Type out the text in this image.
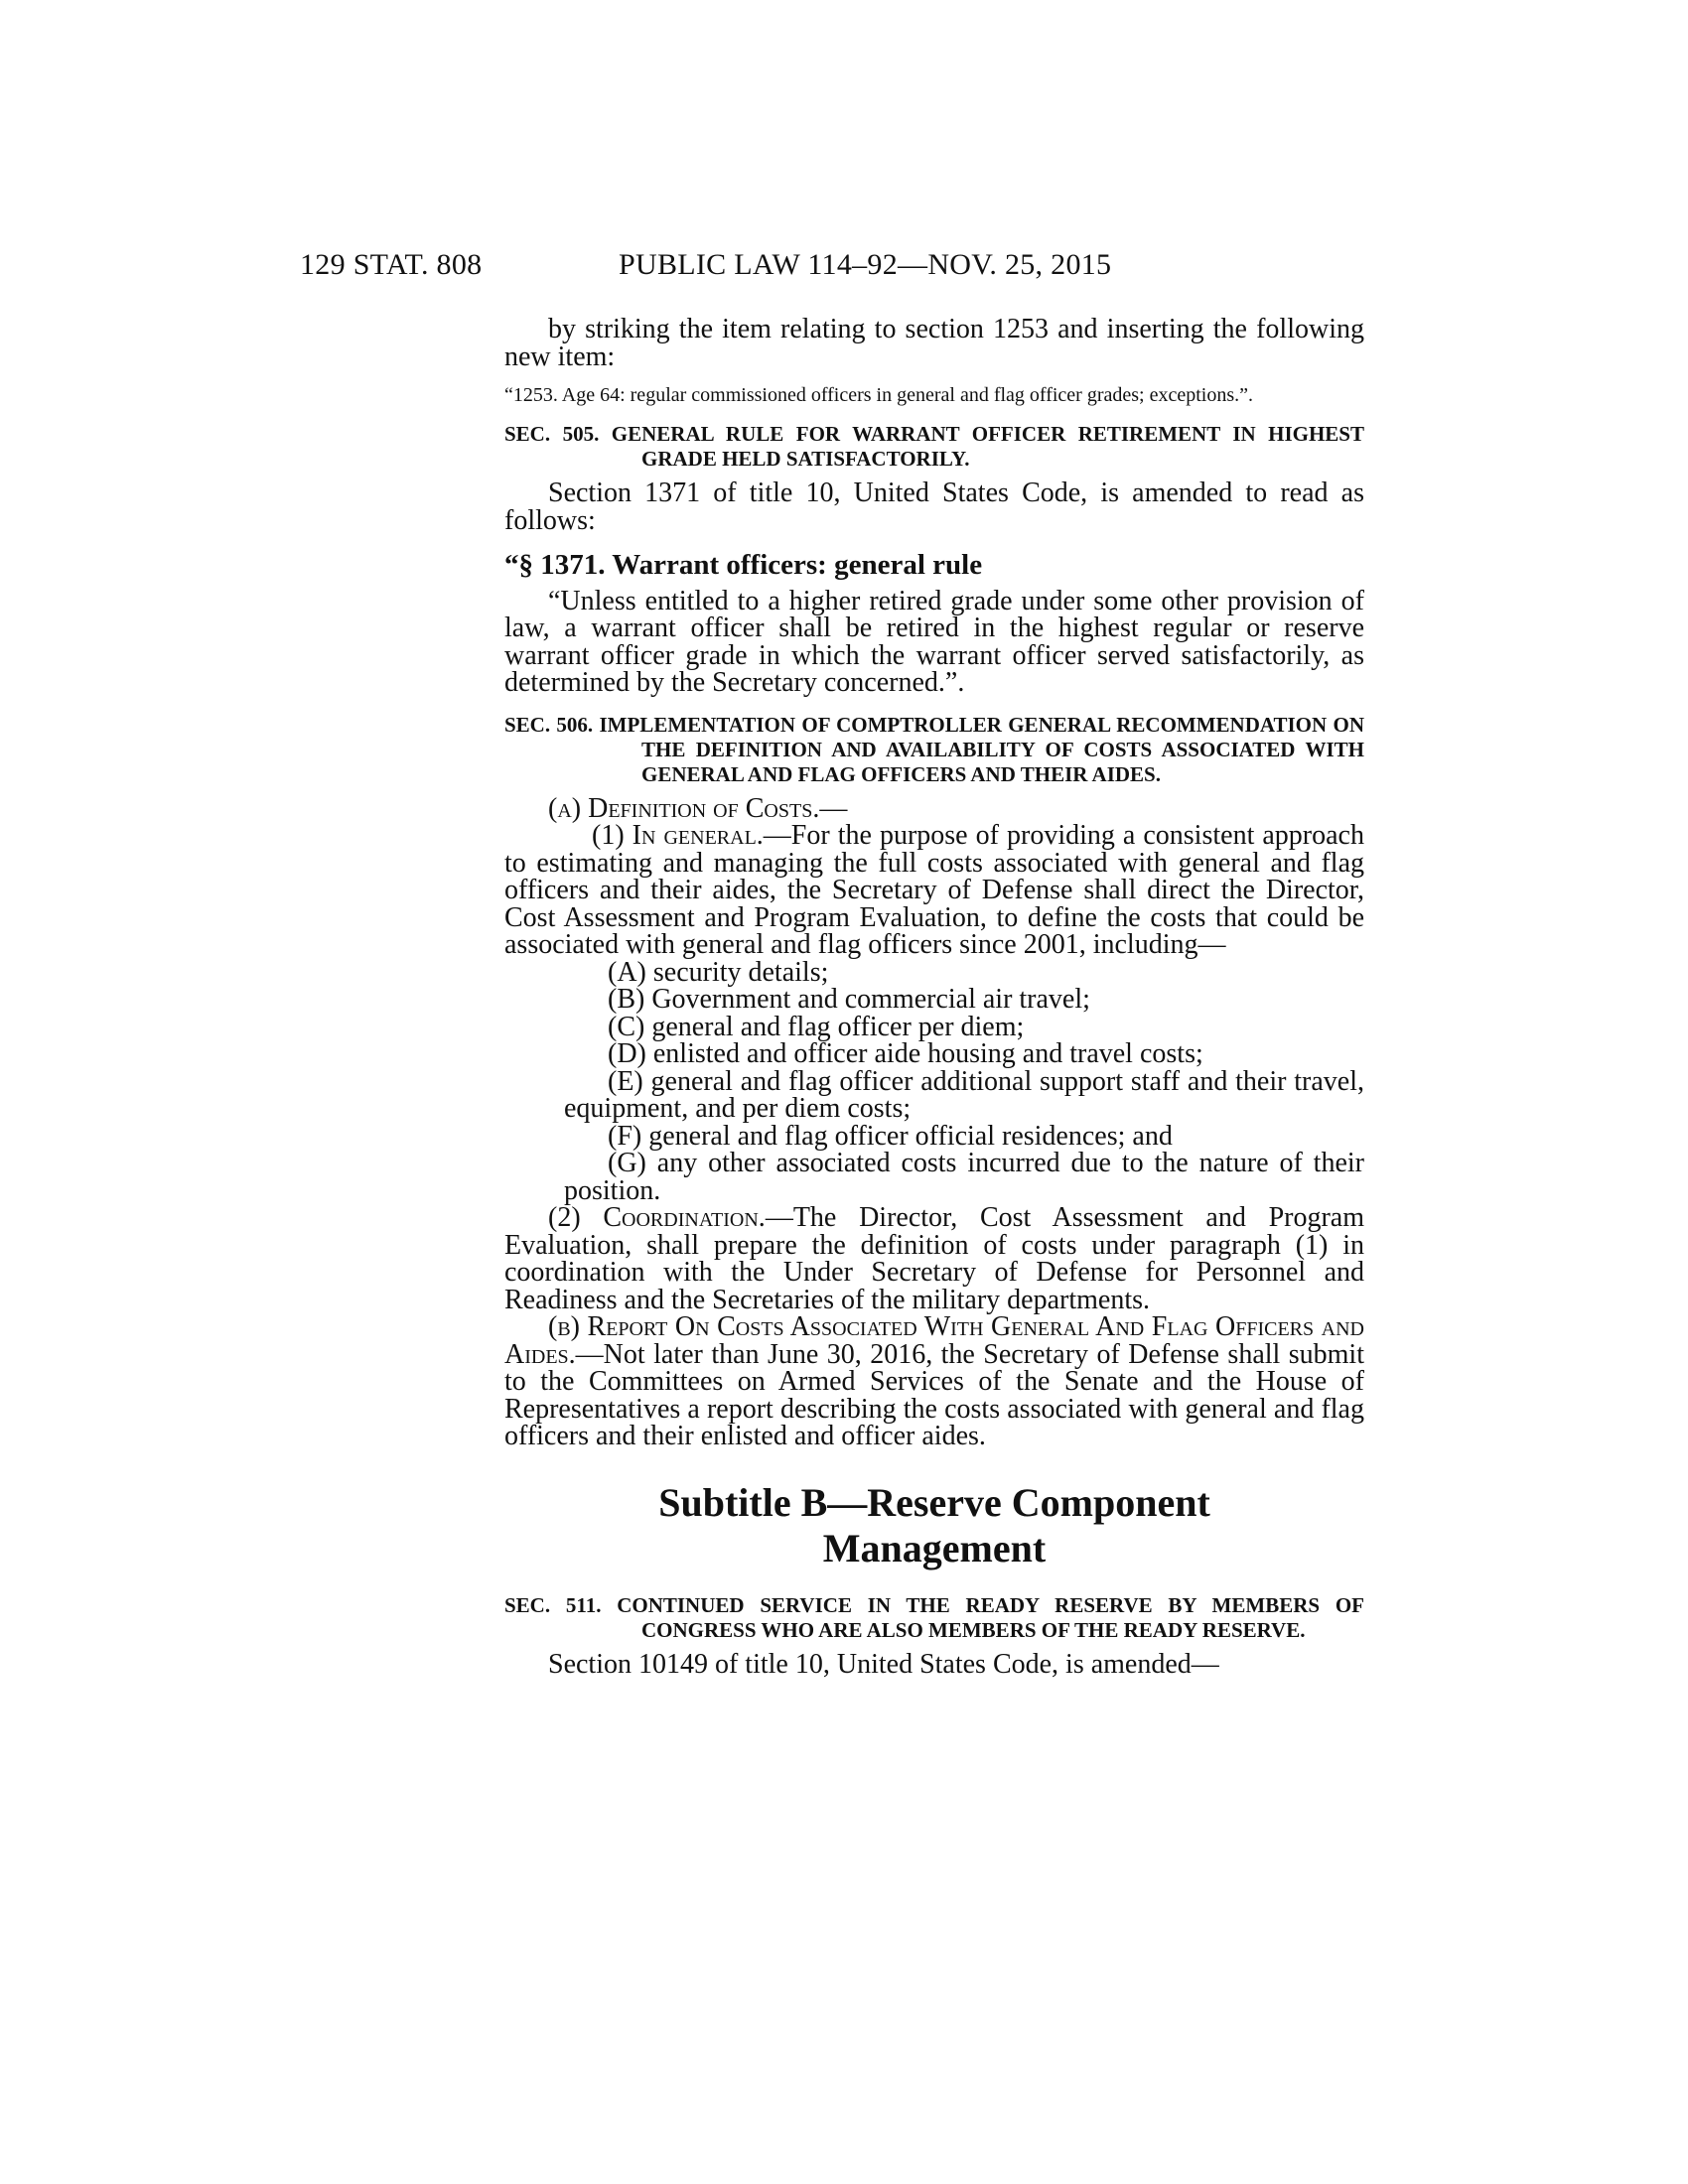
129 STAT. 808	PUBLIC LAW 114–92—NOV. 25, 2015

by striking the item relating to section 1253 and inserting the following new item:

“1253. Age 64: regular commissioned officers in general and flag officer grades; exceptions.”.

SEC. 505. GENERAL RULE FOR WARRANT OFFICER RETIREMENT IN HIGHEST GRADE HELD SATISFACTORILY.

Section 1371 of title 10, United States Code, is amended to read as follows:

“§ 1371. Warrant officers: general rule

“Unless entitled to a higher retired grade under some other provision of law, a warrant officer shall be retired in the highest regular or reserve warrant officer grade in which the warrant officer served satisfactorily, as determined by the Secretary concerned.”.

SEC. 506. IMPLEMENTATION OF COMPTROLLER GENERAL RECOMMENDATION ON THE DEFINITION AND AVAILABILITY OF COSTS ASSOCIATED WITH GENERAL AND FLAG OFFICERS AND THEIR AIDES.

(a) Definition of Costs.—

(1) In general.—For the purpose of providing a consistent approach to estimating and managing the full costs associated with general and flag officers and their aides, the Secretary of Defense shall direct the Director, Cost Assessment and Program Evaluation, to define the costs that could be associated with general and flag officers since 2001, including—

(A) security details;

(B) Government and commercial air travel;

(C) general and flag officer per diem;

(D) enlisted and officer aide housing and travel costs;

(E) general and flag officer additional support staff and their travel, equipment, and per diem costs;

(F) general and flag officer official residences; and

(G) any other associated costs incurred due to the nature of their position.

(2) Coordination.—The Director, Cost Assessment and Program Evaluation, shall prepare the definition of costs under paragraph (1) in coordination with the Under Secretary of Defense for Personnel and Readiness and the Secretaries of the military departments.

(b) Report On Costs Associated With General And Flag Officers and Aides.—Not later than June 30, 2016, the Secretary of Defense shall submit to the Committees on Armed Services of the Senate and the House of Representatives a report describing the costs associated with general and flag officers and their enlisted and officer aides.

Subtitle B—Reserve Component
Management

SEC. 511. CONTINUED SERVICE IN THE READY RESERVE BY MEMBERS OF CONGRESS WHO ARE ALSO MEMBERS OF THE READY RESERVE.

Section 10149 of title 10, United States Code, is amended—
